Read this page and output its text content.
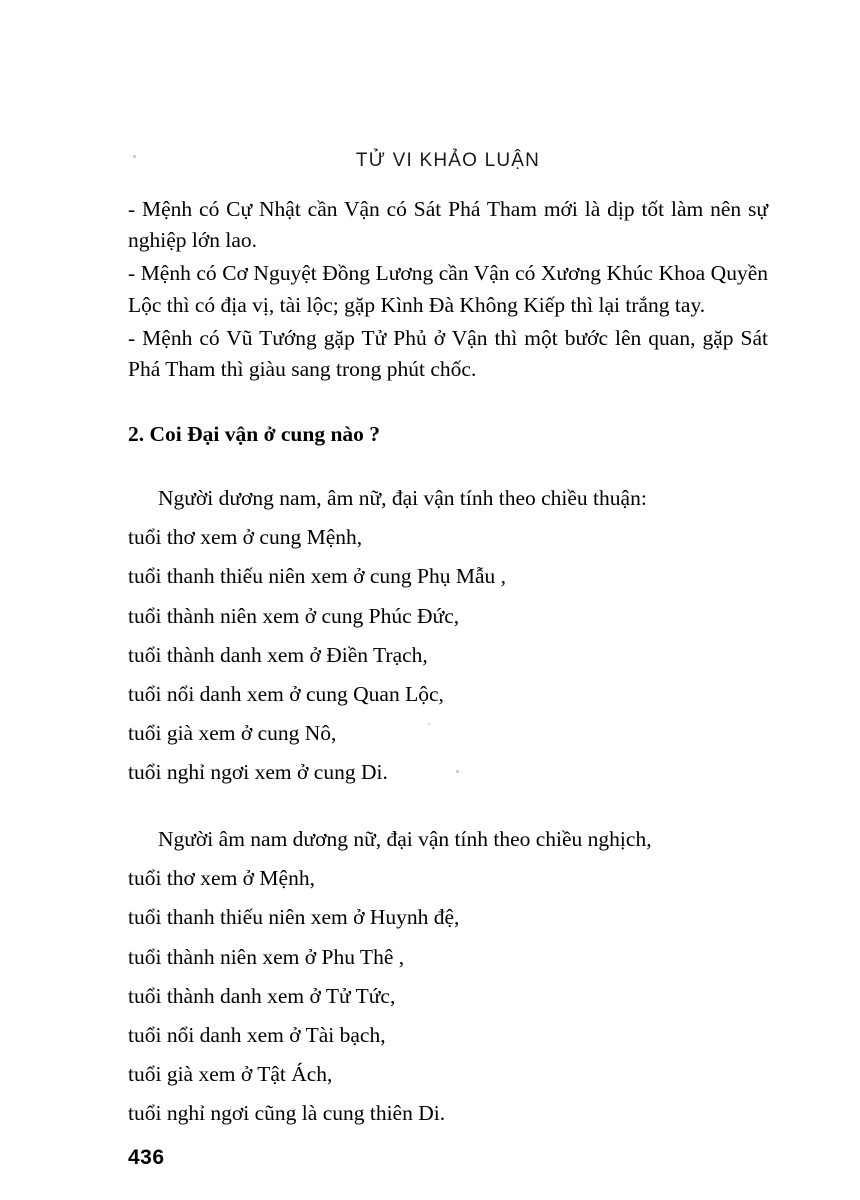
TỬ VI KHẢO LUẬN

- Mệnh có Cự Nhật cần Vận có Sát Phá Tham mới là dịp tốt làm nên sự nghiệp lớn lao.

- Mệnh có Cơ Nguyệt Đồng Lương cần Vận có Xương Khúc Khoa Quyền Lộc thì có địa vị, tài lộc; gặp Kình Đà Không Kiếp thì lại trắng tay.

- Mệnh có Vũ Tướng gặp Tử Phủ ở Vận thì một bước lên quan, gặp Sát Phá Tham thì giàu sang trong phút chốc.

2. Coi Đại vận ở cung nào ?

Người dương nam, âm nữ, đại vận tính theo chiều thuận:

tuổi thơ xem ở cung Mệnh,

tuổi thanh thiếu niên xem ở cung Phụ Mẫu ,

tuổi thành niên xem ở cung Phúc Đức,

tuổi thành danh xem ở Điền Trạch,

tuổi nổi danh xem ở cung Quan Lộc,

tuổi già xem ở cung Nô,

tuổi nghỉ ngơi xem ở cung Di.

Người âm nam dương nữ, đại vận tính theo chiều nghịch,

tuổi thơ xem ở Mệnh,

tuổi thanh thiếu niên xem ở Huynh đệ,

tuổi thành niên xem ở Phu Thê ,

tuổi thành danh xem ở Tử Tức,

tuổi nổi danh xem ở Tài bạch,

tuổi già xem ở Tật Ách,

tuổi nghỉ ngơi cũng là cung thiên Di.

436
